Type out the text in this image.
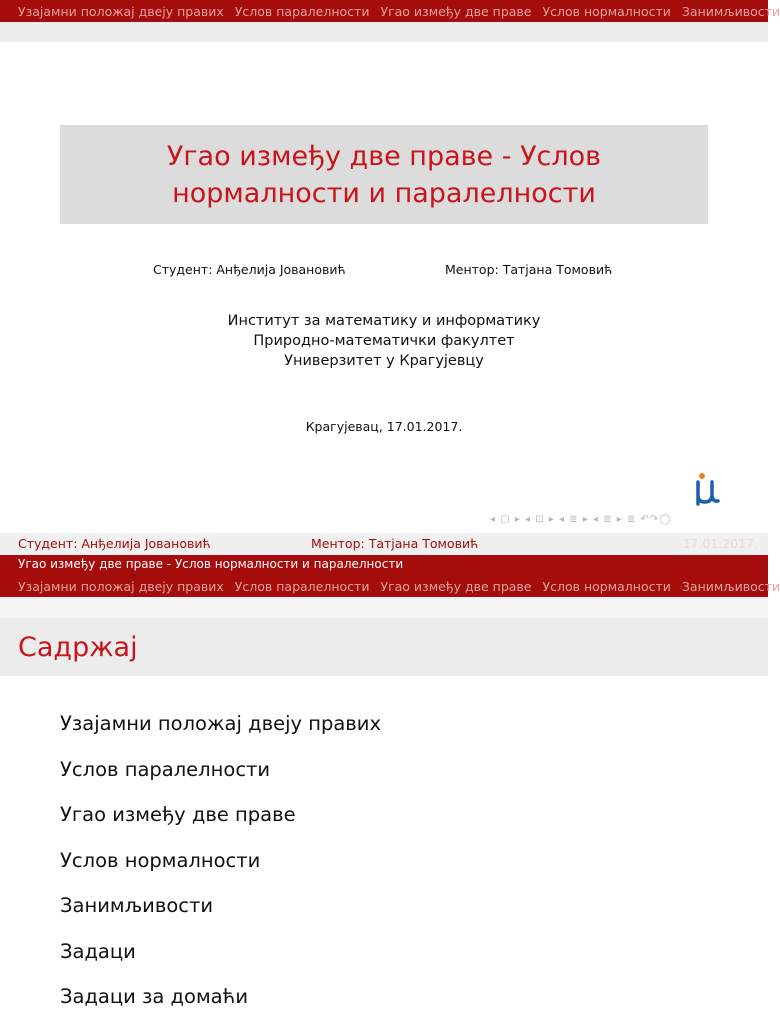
Узајамни положај двеју правих Услов паралелности Угао између две праве Услов нормалности Занимљивости
Угао између две праве - Услов
нормалности и паралелности
Студент: Анђелија Јовановић	Ментор: Татјана Томовић
Институт за математику и информатику
Природно-математички факултет
Универзитет у Крагујевцу
Крагујевац, 17.01.2017.
◂ ▢ ▸ ◂ ⊡ ▸ ◂ ≣ ▸ ◂ ≣ ▸ ≣ ↶↷◯
Студент: Анђелија Јовановић	Ментор: Татјана Томовић	17.01.2017.
Угао између две праве - Услов нормалности и паралелности
Узајамни положај двеју правих Услов паралелности Угао између две праве Услов нормалности Занимљивости
Садржај
Узајамни положај двеју правих
Услов паралелности
Угао између две праве
Услов нормалности
Занимљивости
Задаци
Задаци за домаћи
